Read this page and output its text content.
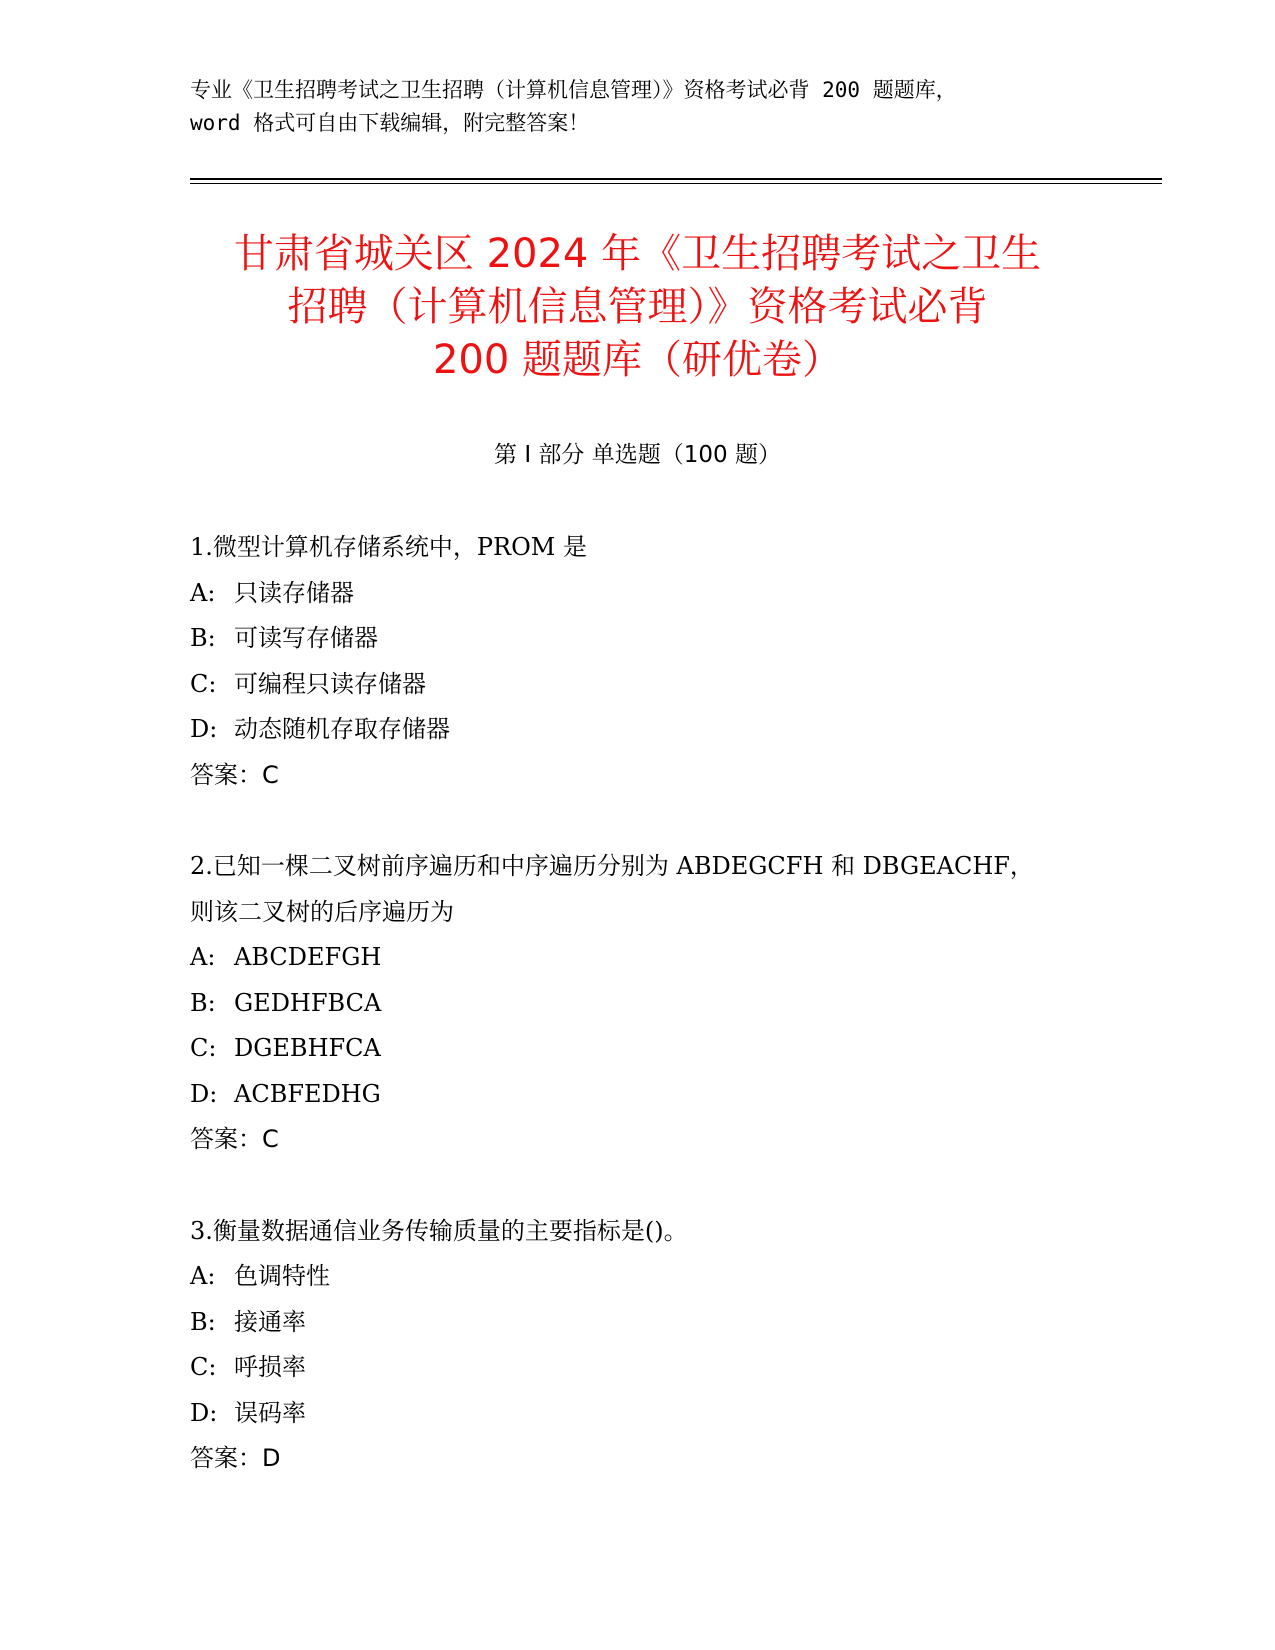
专业《卫生招聘考试之卫生招聘（计算机信息管理）》资格考试必背 200 题题库，
word 格式可自由下载编辑，附完整答案！
甘肃省城关区 2024 年《卫生招聘考试之卫生
招聘（计算机信息管理）》资格考试必背
200 题题库（研优卷）
第 I 部分 单选题（100 题）
1.微型计算机存储系统中，PROM 是
A: 只读存储器
B: 可读写存储器
C: 可编程只读存储器
D: 动态随机存取存储器
答案：C
2.已知一棵二叉树前序遍历和中序遍历分别为 ABDEGCFH 和 DBGEACHF，
则该二叉树的后序遍历为
A: ABCDEFGH
B: GEDHFBCA
C: DGEBHFCA
D: ACBFEDHG
答案：C
3.衡量数据通信业务传输质量的主要指标是()。
A: 色调特性
B: 接通率
C: 呼损率
D: 误码率
答案：D
